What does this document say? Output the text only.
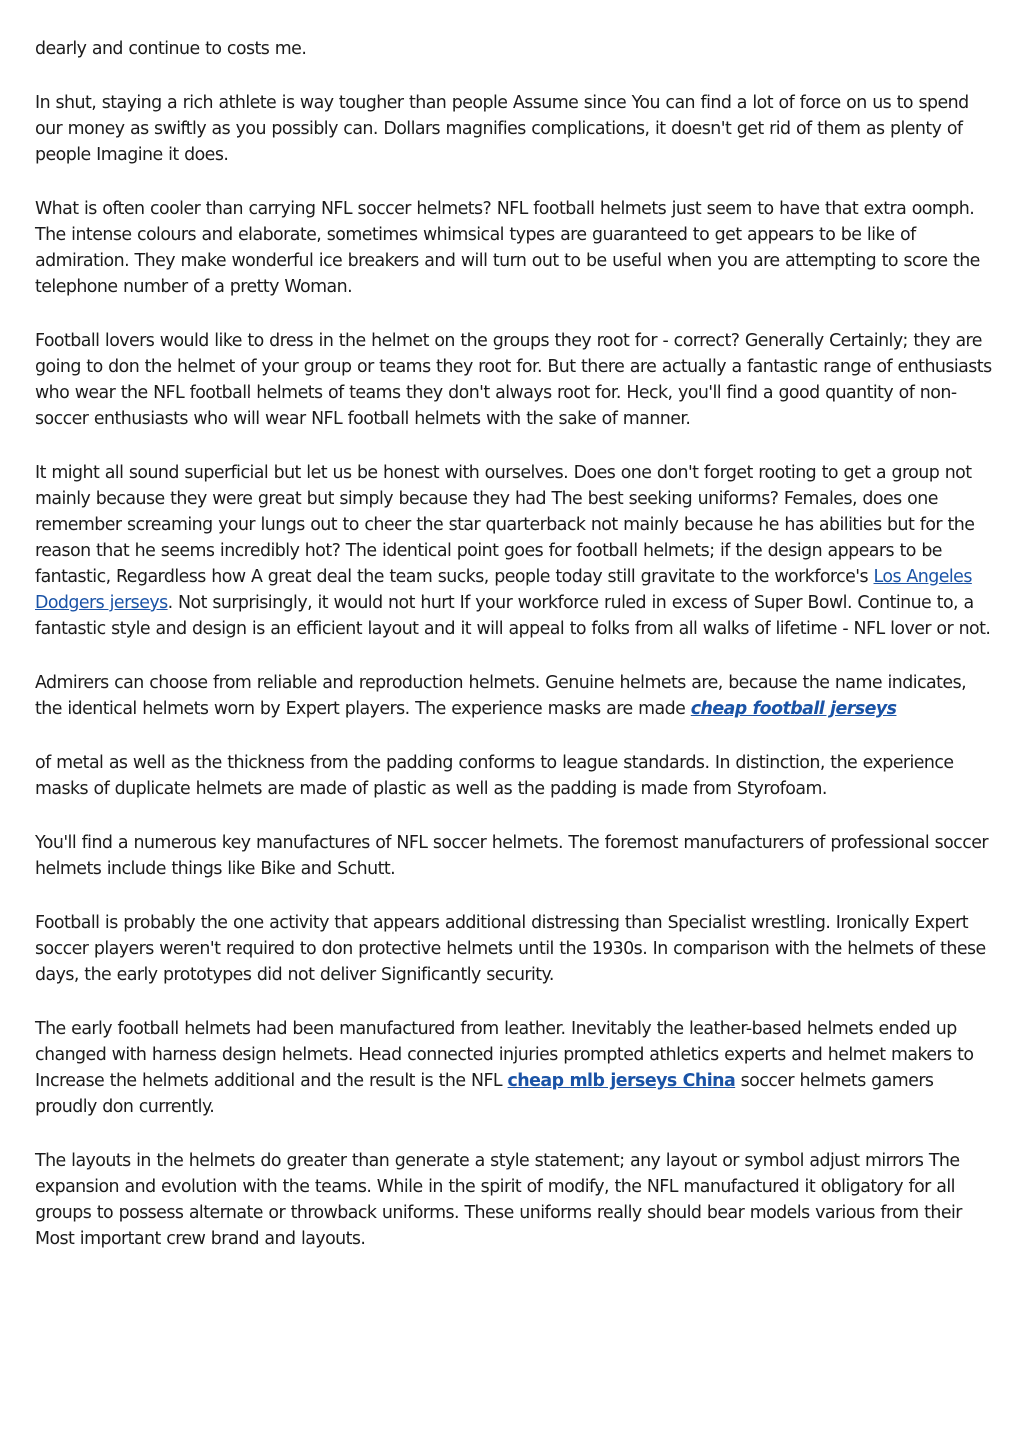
dearly and continue to costs me.

In shut, staying a rich athlete is way tougher than people Assume since You can find a lot of force on us to spend our money as swiftly as you possibly can. Dollars magnifies complications, it doesn't get rid of them as plenty of people Imagine it does.

What is often cooler than carrying NFL soccer helmets? NFL football helmets just seem to have that extra oomph. The intense colours and elaborate, sometimes whimsical types are guaranteed to get appears to be like of admiration. They make wonderful ice breakers and will turn out to be useful when you are attempting to score the telephone number of a pretty Woman.

Football lovers would like to dress in the helmet on the groups they root for - correct? Generally Certainly; they are going to don the helmet of your group or teams they root for. But there are actually a fantastic range of enthusiasts who wear the NFL football helmets of teams they don't always root for. Heck, you'll find a good quantity of non-soccer enthusiasts who will wear NFL football helmets with the sake of manner.

It might all sound superficial but let us be honest with ourselves. Does one don't forget rooting to get a group not mainly because they were great but simply because they had The best seeking uniforms? Females, does one remember screaming your lungs out to cheer the star quarterback not mainly because he has abilities but for the reason that he seems incredibly hot? The identical point goes for football helmets; if the design appears to be fantastic, Regardless how A great deal the team sucks, people today still gravitate to the workforce's Los Angeles Dodgers jerseys. Not surprisingly, it would not hurt If your workforce ruled in excess of Super Bowl. Continue to, a fantastic style and design is an efficient layout and it will appeal to folks from all walks of lifetime - NFL lover or not.

Admirers can choose from reliable and reproduction helmets. Genuine helmets are, because the name indicates, the identical helmets worn by Expert players. The experience masks are made cheap football jerseys

of metal as well as the thickness from the padding conforms to league standards. In distinction, the experience masks of duplicate helmets are made of plastic as well as the padding is made from Styrofoam.

You'll find a numerous key manufactures of NFL soccer helmets. The foremost manufacturers of professional soccer helmets include things like Bike and Schutt.

Football is probably the one activity that appears additional distressing than Specialist wrestling. Ironically Expert soccer players weren't required to don protective helmets until the 1930s. In comparison with the helmets of these days, the early prototypes did not deliver Significantly security.

The early football helmets had been manufactured from leather. Inevitably the leather-based helmets ended up changed with harness design helmets. Head connected injuries prompted athletics experts and helmet makers to Increase the helmets additional and the result is the NFL cheap mlb jerseys China soccer helmets gamers proudly don currently.

The layouts in the helmets do greater than generate a style statement; any layout or symbol adjust mirrors The expansion and evolution with the teams. While in the spirit of modify, the NFL manufactured it obligatory for all groups to possess alternate or throwback uniforms. These uniforms really should bear models various from their Most important crew brand and layouts.
